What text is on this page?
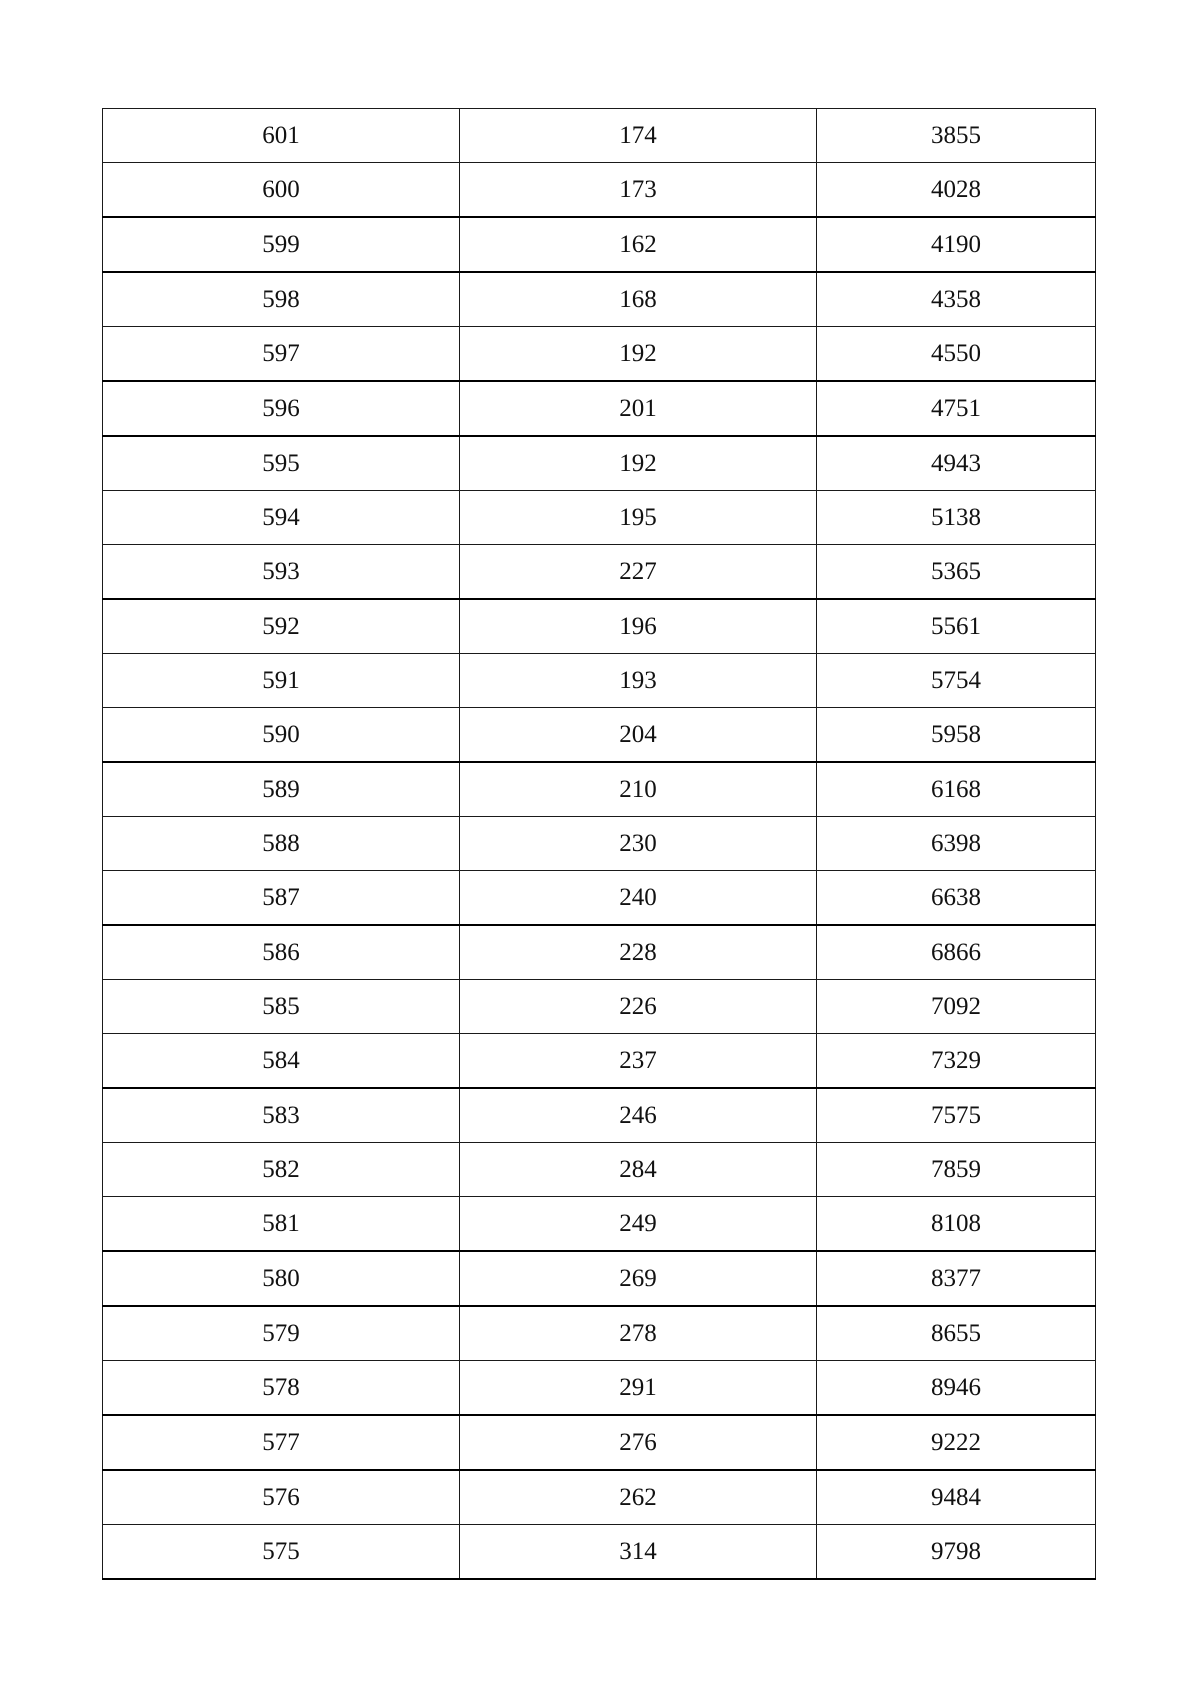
601	174	3855
600	173	4028
599	162	4190
598	168	4358
597	192	4550
596	201	4751
595	192	4943
594	195	5138
593	227	5365
592	196	5561
591	193	5754
590	204	5958
589	210	6168
588	230	6398
587	240	6638
586	228	6866
585	226	7092
584	237	7329
583	246	7575
582	284	7859
581	249	8108
580	269	8377
579	278	8655
578	291	8946
577	276	9222
576	262	9484
575	314	9798
